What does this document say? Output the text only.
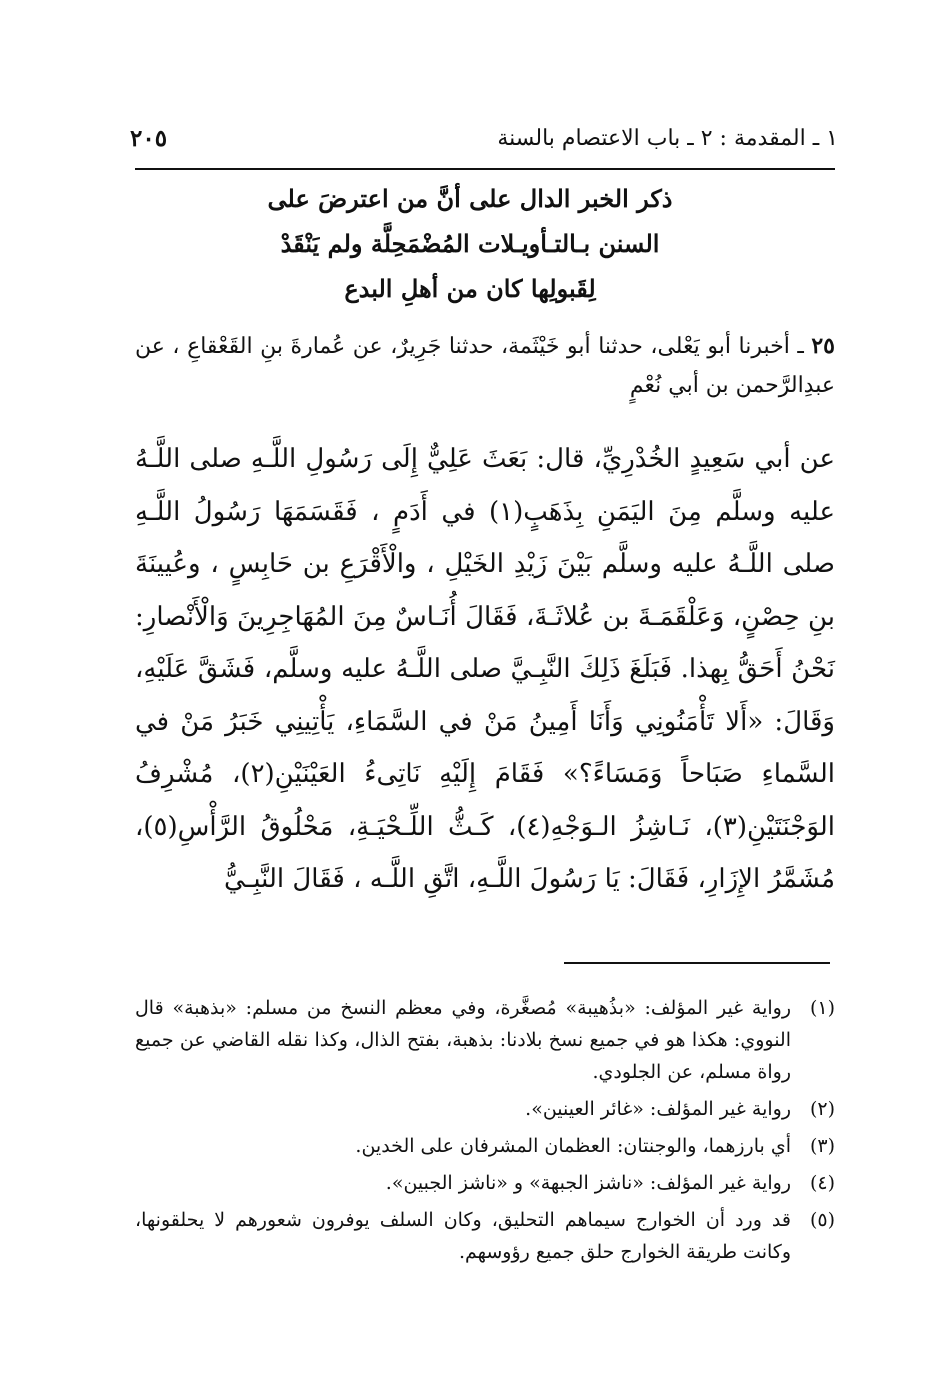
١ ـ المقدمة : ٢ ـ باب الاعتصام بالسنة
٢٠٥
ذكر الخبر الدال على أنَّ من اعترضَ على
السنن بـالتـأويـلات المُضْمَحِلَّة ولم يَنْقَدْ
لِقَبولِها كان من أهلِ البدع
٢٥ ـ أخبرنا أبو يَعْلى، حدثنا أبو خَيْثَمة، حدثنا جَرِيرٌ، عن عُمارةَ بنِ القَعْقاعِ ، عن عبدِالرَّحمن بن أبي نُعْمٍ
عن أبي سَعِيدٍ الخُدْرِيِّ، قال: بَعَثَ عَلِيٌّ إِلَى رَسُولِ اللَّـهِ صلى اللَّـهُ عليه وسلَّم مِنَ اليَمَنِ بِذَهَبٍ(١) في أَدَمٍ ، فَقَسَمَهَا رَسُولُ اللَّـهِ صلى اللَّـهُ عليه وسلَّم بَيْنَ زَيْدِ الخَيْلِ ، والْأَقْرَعِ بن حَابِسٍ ، وعُيينَةَ بنِ حِصْنٍ، وَعَلْقَمَـةَ بن عُلاثَـةَ، فَقَالَ أُنَـاسٌ مِنَ المُهَاجِرِينَ وَالْأَنْصارِ: نَحْنُ أَحَقُّ بِهذا. فَبَلَغَ ذَلِكَ النَّبِـيَّ صلى اللَّـهُ عليه وسلَّم، فَشَقَّ عَلَيْهِ، وَقَالَ: «أَلا تَأْمَنُونِي وَأَنَا أَمِينُ مَنْ في السَّمَاءِ، يَأْتِينِي خَبَرُ مَنْ في السَّماءِ صَبَاحاً وَمَسَاءً؟» فَقَامَ إِلَيْهِ نَاتِىءُ العَيْنَيْنِ(٢)، مُشْرِفُ الوَجْنَتَيْنِ(٣)، نَـاشِزُ الـوَجْهِ(٤)، كَـثُّ اللِّـحْيَـةِ، مَحْلُوقُ الرَّأْسِ(٥)، مُشَمَّرُ الإِزَارِ، فَقَالَ: يَا رَسُولَ اللَّـهِ، اتَّقِ اللَّـه ، فَقَالَ النَّبِـيُّ
(١)
رواية غير المؤلف: «بذُهيبة» مُصغَّرة، وفي معظم النسخ من مسلم: «بذهبة» قال النووي: هكذا هو في جميع نسخ بلادنا: بذهبة، بفتح الذال، وكذا نقله القاضي عن جميع رواة مسلم، عن الجلودي.
(٢)
رواية غير المؤلف: «غائر العينين».
(٣)
أي بارزهما، والوجنتان: العظمان المشرفان على الخدين.
(٤)
رواية غير المؤلف: «ناشز الجبهة» و «ناشز الجبين».
(٥)
قد ورد أن الخوارج سيماهم التحليق، وكان السلف يوفرون شعورهم لا يحلقونها، وكانت طريقة الخوارج حلق جميع رؤوسهم.
